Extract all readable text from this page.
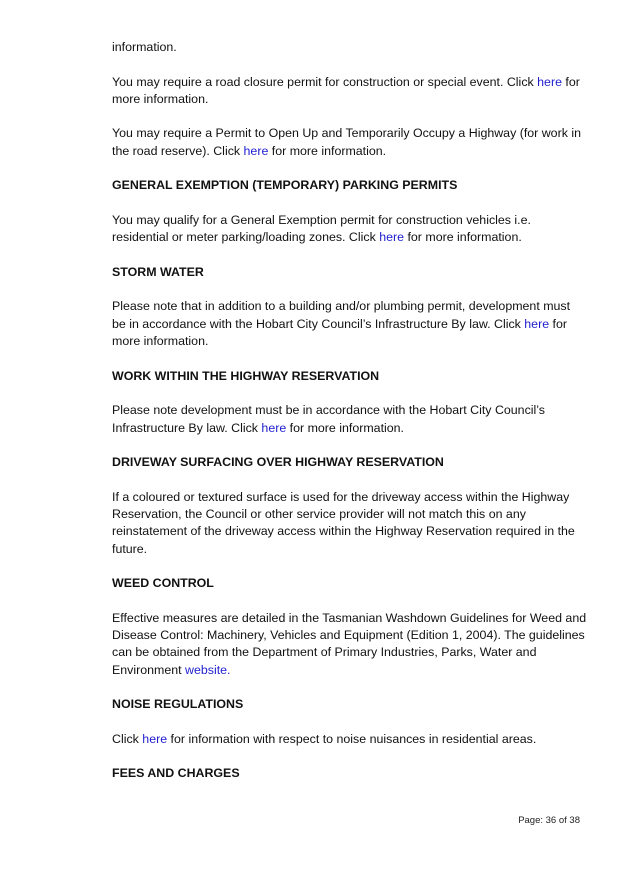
information.

You may require a road closure permit for construction or special event. Click here for more information.

You may require a Permit to Open Up and Temporarily Occupy a Highway (for work in the road reserve). Click here for more information.

GENERAL EXEMPTION (TEMPORARY) PARKING PERMITS

You may qualify for a General Exemption permit for construction vehicles i.e. residential or meter parking/loading zones. Click here for more information.

STORM WATER

Please note that in addition to a building and/or plumbing permit, development must be in accordance with the Hobart City Council’s Infrastructure By law. Click here for more information.

WORK WITHIN THE HIGHWAY RESERVATION

Please note development must be in accordance with the Hobart City Council’s Infrastructure By law. Click here for more information.

DRIVEWAY SURFACING OVER HIGHWAY RESERVATION

If a coloured or textured surface is used for the driveway access within the Highway Reservation, the Council or other service provider will not match this on any reinstatement of the driveway access within the Highway Reservation required in the future.

WEED CONTROL

Effective measures are detailed in the Tasmanian Washdown Guidelines for Weed and Disease Control: Machinery, Vehicles and Equipment (Edition 1, 2004). The guidelines can be obtained from the Department of Primary Industries, Parks, Water and Environment website.

NOISE REGULATIONS

Click here for information with respect to noise nuisances in residential areas.

FEES AND CHARGES
Page: 36 of 38
